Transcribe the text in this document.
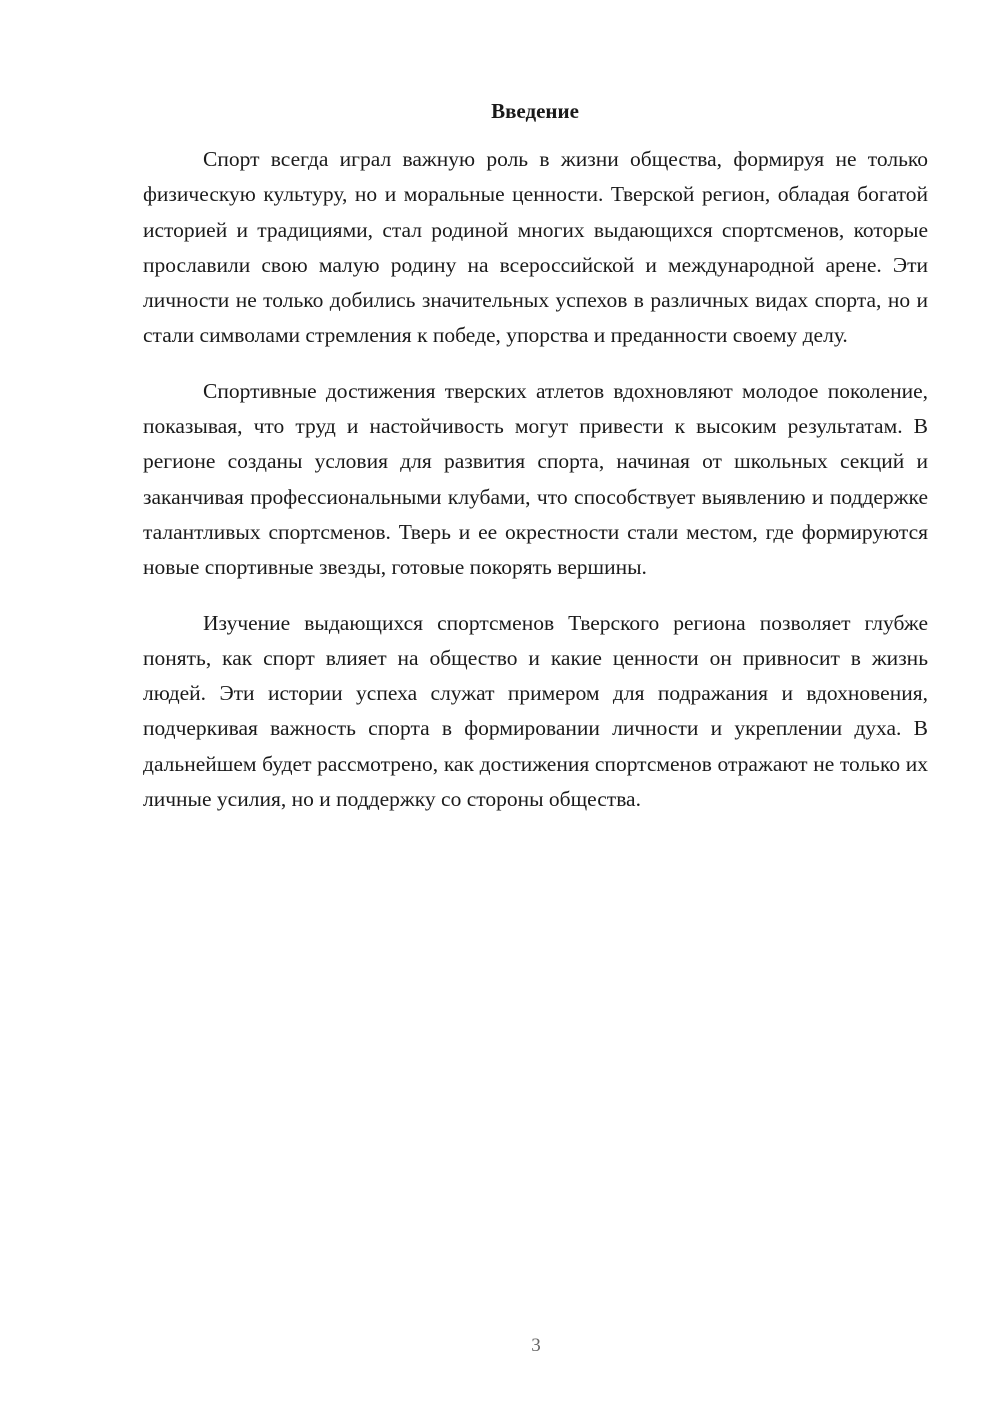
Введение

Спорт всегда играл важную роль в жизни общества, формируя не только физическую культуру, но и моральные ценности. Тверской регион, обладая богатой историей и традициями, стал родиной многих выдающихся спортсменов, которые прославили свою малую родину на всероссийской и международной арене. Эти личности не только добились значительных успехов в различных видах спорта, но и стали символами стремления к победе, упорства и преданности своему делу.

Спортивные достижения тверских атлетов вдохновляют молодое поколение, показывая, что труд и настойчивость могут привести к высоким результатам. В регионе созданы условия для развития спорта, начиная от школьных секций и заканчивая профессиональными клубами, что способствует выявлению и поддержке талантливых спортсменов. Тверь и ее окрестности стали местом, где формируются новые спортивные звезды, готовые покорять вершины.

Изучение выдающихся спортсменов Тверского региона позволяет глубже понять, как спорт влияет на общество и какие ценности он привносит в жизнь людей. Эти истории успеха служат примером для подражания и вдохновения, подчеркивая важность спорта в формировании личности и укреплении духа. В дальнейшем будет рассмотрено, как достижения спортсменов отражают не только их личные усилия, но и поддержку со стороны общества.

3
